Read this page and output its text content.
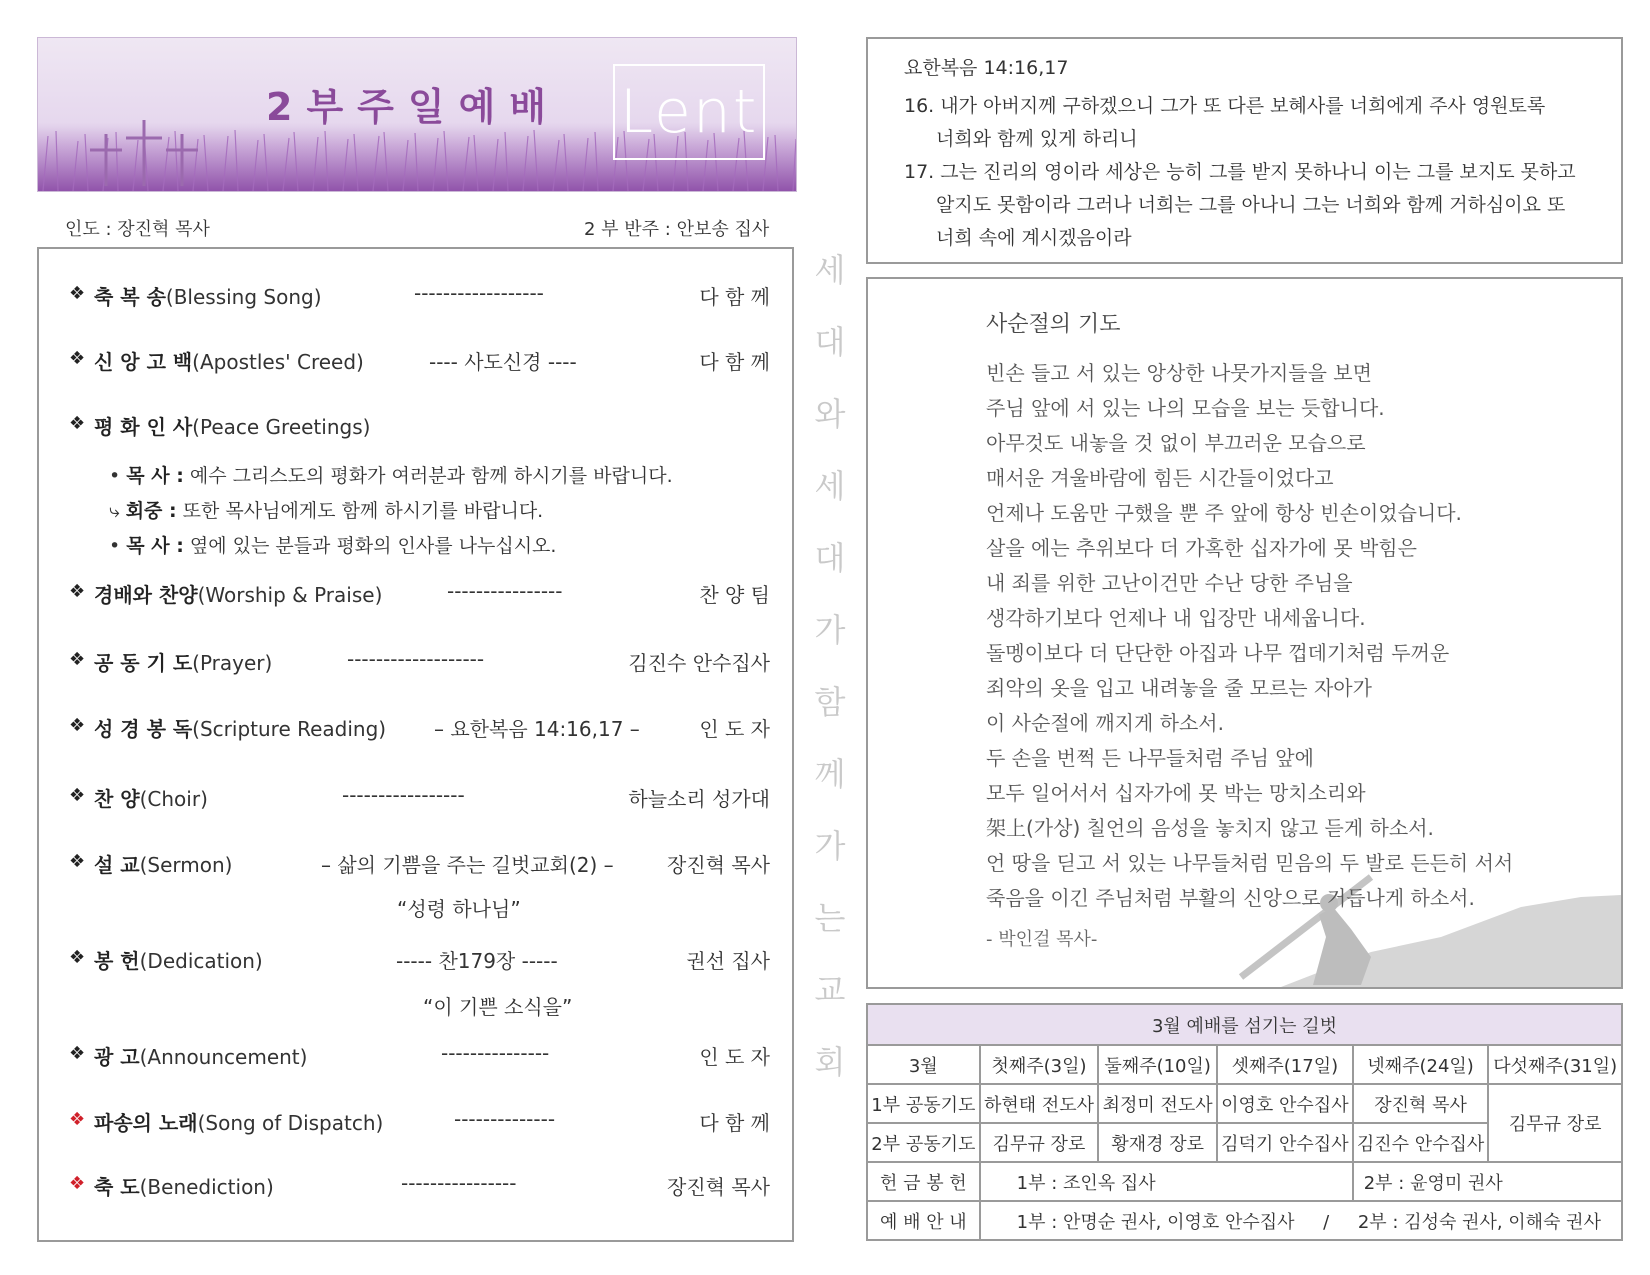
2부주일예배 Lent
인도 : 장진혁 목사	2 부 반주 : 안보송 집사
❖ 축 복 송(Blessing Song)	------------------	다 함 께
❖ 신 앙 고 백(Apostles' Creed)	---- 사도신경 ----	다 함 께
❖ 평 화 인 사(Peace Greetings)
• 목 사 : 예수 그리스도의 평화가 여러분과 함께 하시기를 바랍니다.
⤷ 회중 : 또한 목사님에게도 함께 하시기를 바랍니다.
• 목 사 : 옆에 있는 분들과 평화의 인사를 나누십시오.
❖ 경배와 찬양(Worship & Praise)	----------------	찬 양 팀
❖ 공 동 기 도(Prayer)	-------------------	김진수 안수집사
❖ 성 경 봉 독(Scripture Reading) – 요한복음 14:16,17 –	인 도 자
❖ 찬 양(Choir)	-----------------	하늘소리 성가대
❖ 설 교(Sermon)	– 삶의 기쁨을 주는 길벗교회(2) –	장진혁 목사
“성령 하나님”
❖ 봉 헌(Dedication)	----- 찬179장 -----	권선 집사
“이 기쁜 소식을”
❖ 광 고(Announcement)	---------------	인 도 자
❖ 파송의 노래(Song of Dispatch)	--------------	다 함 께
❖ 축 도(Benediction)	----------------	장진혁 목사
세
대
와
세
대
가
함
께
가
는
교
회
요한복음 14:16,17
16. 내가 아버지께 구하겠으니 그가 또 다른 보혜사를 너희에게 주사 영원토록
너희와 함께 있게 하리니
17. 그는 진리의 영이라 세상은 능히 그를 받지 못하나니 이는 그를 보지도 못하고
알지도 못함이라 그러나 너희는 그를 아나니 그는 너희와 함께 거하심이요 또
너희 속에 계시겠음이라
사순절의 기도
빈손 들고 서 있는 앙상한 나뭇가지들을 보면
주님 앞에 서 있는 나의 모습을 보는 듯합니다.
아무것도 내놓을 것 없이 부끄러운 모습으로
매서운 겨울바람에 힘든 시간들이었다고
언제나 도움만 구했을 뿐 주 앞에 항상 빈손이었습니다.
살을 에는 추위보다 더 가혹한 십자가에 못 박힘은
내 죄를 위한 고난이건만 수난 당한 주님을
생각하기보다 언제나 내 입장만 내세웁니다.
돌멩이보다 더 단단한 아집과 나무 껍데기처럼 두꺼운
죄악의 옷을 입고 내려놓을 줄 모르는 자아가
이 사순절에 깨지게 하소서.
두 손을 번쩍 든 나무들처럼 주님 앞에
모두 일어서서 십자가에 못 박는 망치소리와
架上(가상) 칠언의 음성을 놓치지 않고 듣게 하소서.
언 땅을 딛고 서 있는 나무들처럼 믿음의 두 발로 든든히 서서
죽음을 이긴 주님처럼 부활의 신앙으로 거듭나게 하소서.
- 박인걸 목사-
3월 예배를 섬기는 길벗					
3월	첫째주(3일)	둘째주(10일)	셋째주(17일)	넷째주(24일)	다섯째주(31일)
1부 공동기도	하현태 전도사	최정미 전도사	이영호 안수집사	장진혁 목사	김무규 장로
2부 공동기도	김무규 장로	황재경 장로	김덕기 안수집사	김진수 안수집사	
헌 금 봉 헌	1부 : 조인옥 집사			2부 : 윤영미 권사	
예 배 안 내	1부 : 안명순 권사, 이영호 안수집사     /     2부 : 김성숙 권사, 이해숙 권사				
